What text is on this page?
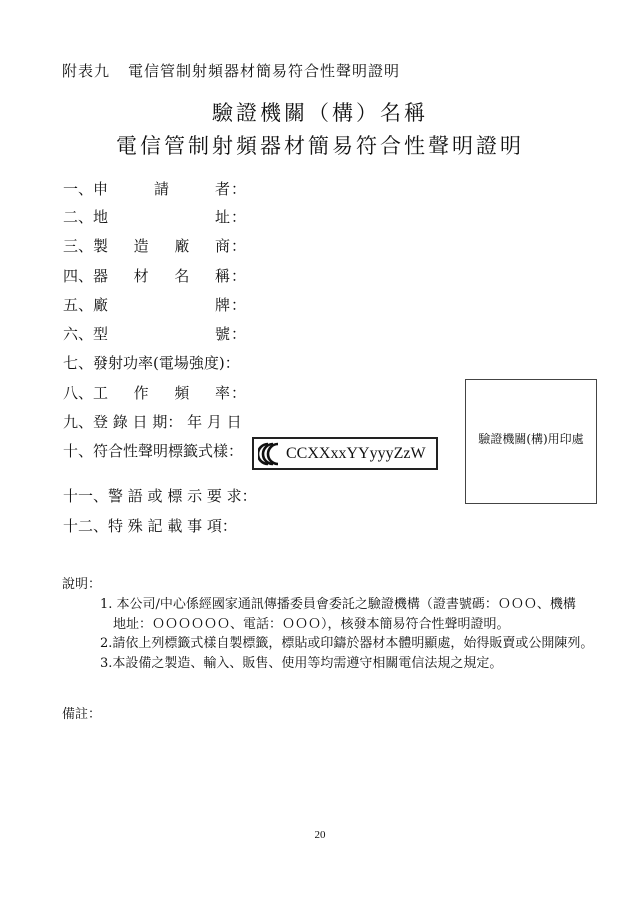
附表九 電信管制射頻器材簡易符合性聲明證明
驗證機關（構）名稱
電信管制射頻器材簡易符合性聲明證明
一、 申	請	者 ：
二、 地	址 ：
三、 製 造 廠 商 ：
四、 器 材 名 稱 ：
五、 廠	牌 ：
六、 型	號 ：
七、發射功率(電場強度)：
八、 工 作 頻 率 ：
九、登 錄 日 期： 年 月 日
十、符合性聲明標籤式樣：
十一、警 語 或 標 示 要 求：
十二、特 殊 記 載 事 項：
CCXXxxYYyyyZzW
驗證機關(構)用印處
說明：
1. 本公司/中心係經國家通訊傳播委員會委託之驗證機構（證書號碼：ＯＯＯ、機構
地址：ＯＯＯＯＯＯ、電話：ＯＯＯ），核發本簡易符合性聲明證明。
2.請依上列標籤式樣自製標籤，標貼或印鑄於器材本體明顯處，始得販賣或公開陳列。
3.本設備之製造、輸入、販售、使用等均需遵守相關電信法規之規定。
備註：
20
